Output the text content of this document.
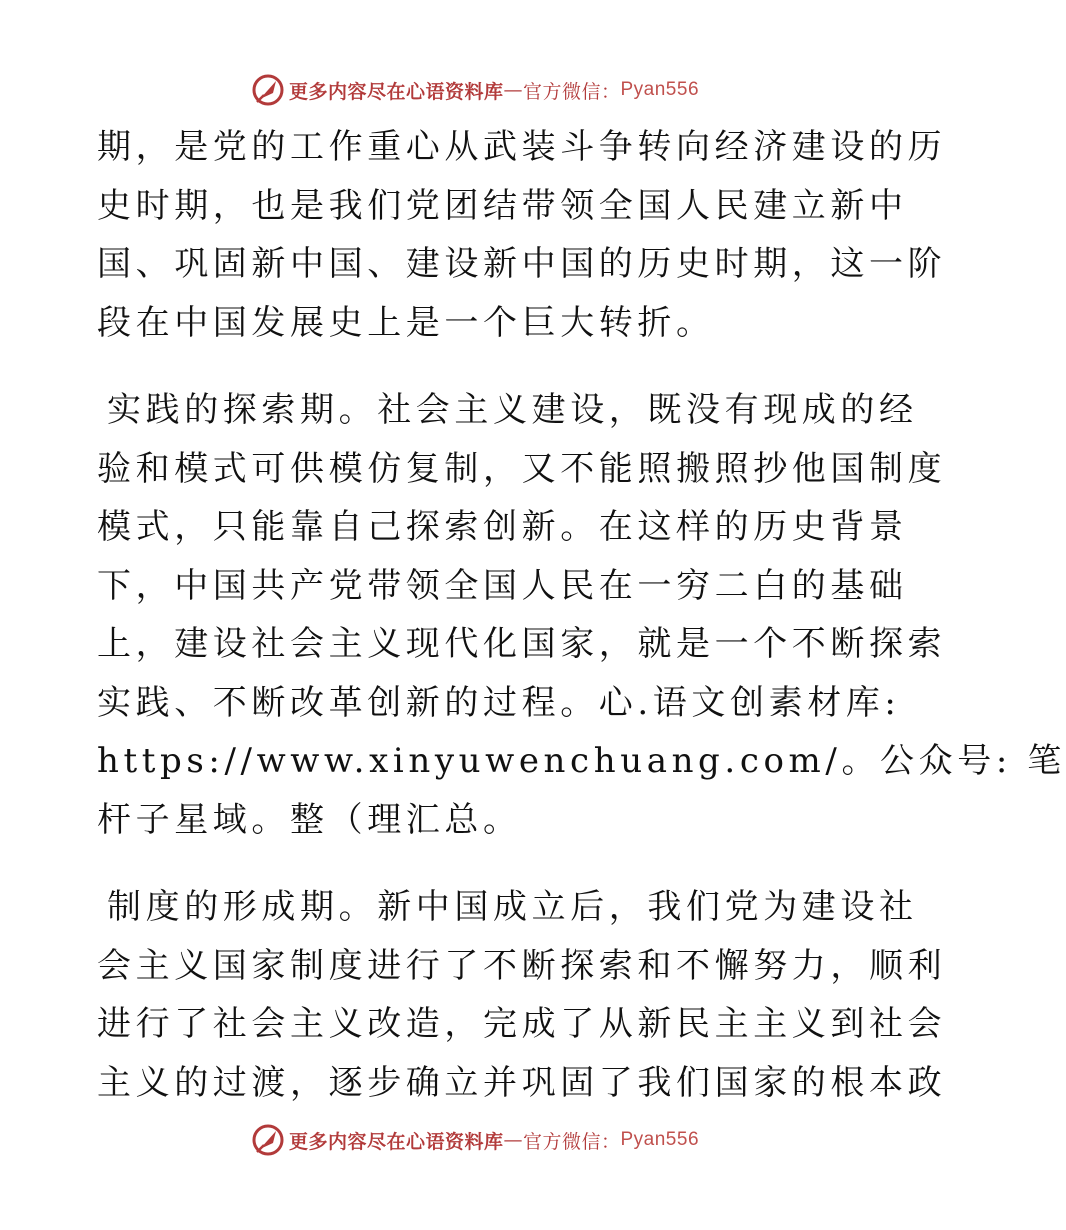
更多内容尽在心语资料库 — 官方微信： Pyan556
期，是党的工作重心从武装斗争转向经济建设的历
史时期，也是我们党团结带领全国人民建立新中
国、巩固新中国、建设新中国的历史时期，这一阶
段在中国发展史上是一个巨大转折。
实践的探索期。社会主义建设，既没有现成的经
验和模式可供模仿复制，又不能照搬照抄他国制度
模式，只能靠自己探索创新。在这样的历史背景
下，中国共产党带领全国人民在一穷二白的基础
上，建设社会主义现代化国家，就是一个不断探索
实践、不断改革创新的过程。心.语文创素材库:
https://www.xinyuwenchuang.com/。公众号: 笔
杆子星域。整（理汇总。
制度的形成期。新中国成立后，我们党为建设社
会主义国家制度进行了不断探索和不懈努力，顺利
进行了社会主义改造，完成了从新民主主义到社会
主义的过渡，逐步确立并巩固了我们国家的根本政
更多内容尽在心语资料库 — 官方微信： Pyan556
